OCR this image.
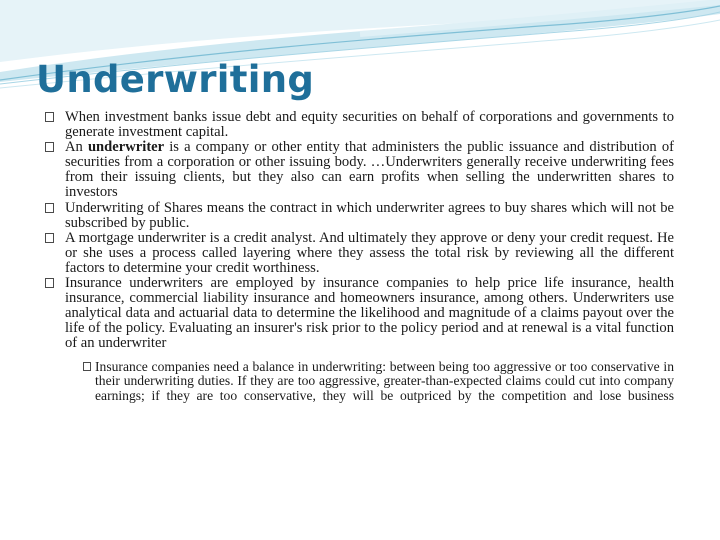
Underwriting
When investment banks issue debt and equity securities on behalf of corporations and governments to generate investment capital.
An underwriter is a company or other entity that administers the public issuance and distribution of securities from a corporation or other issuing body. …Underwriters generally receive underwriting fees from their issuing clients, but they also can earn profits when selling the underwritten shares to investors
Underwriting of Shares means the contract in which underwriter agrees to buy shares which will not be subscribed by public.
A mortgage underwriter is a credit analyst. And ultimately they approve or deny your credit request. He or she uses a process called layering where they assess the total risk by reviewing all the different factors to determine your credit worthiness.
Insurance underwriters are employed by insurance companies to help price life insurance, health insurance, commercial liability insurance and homeowners insurance, among others. Underwriters use analytical data and actuarial data to determine the likelihood and magnitude of a claims payout over the life of the policy. Evaluating an insurer's risk prior to the policy period and at renewal is a vital function of an underwriter
Insurance companies need a balance in underwriting: between being too aggressive or too conservative in their underwriting duties. If they are too aggressive, greater-than-expected claims could cut into company earnings; if they are too conservative, they will be outpriced by the competition and lose business
